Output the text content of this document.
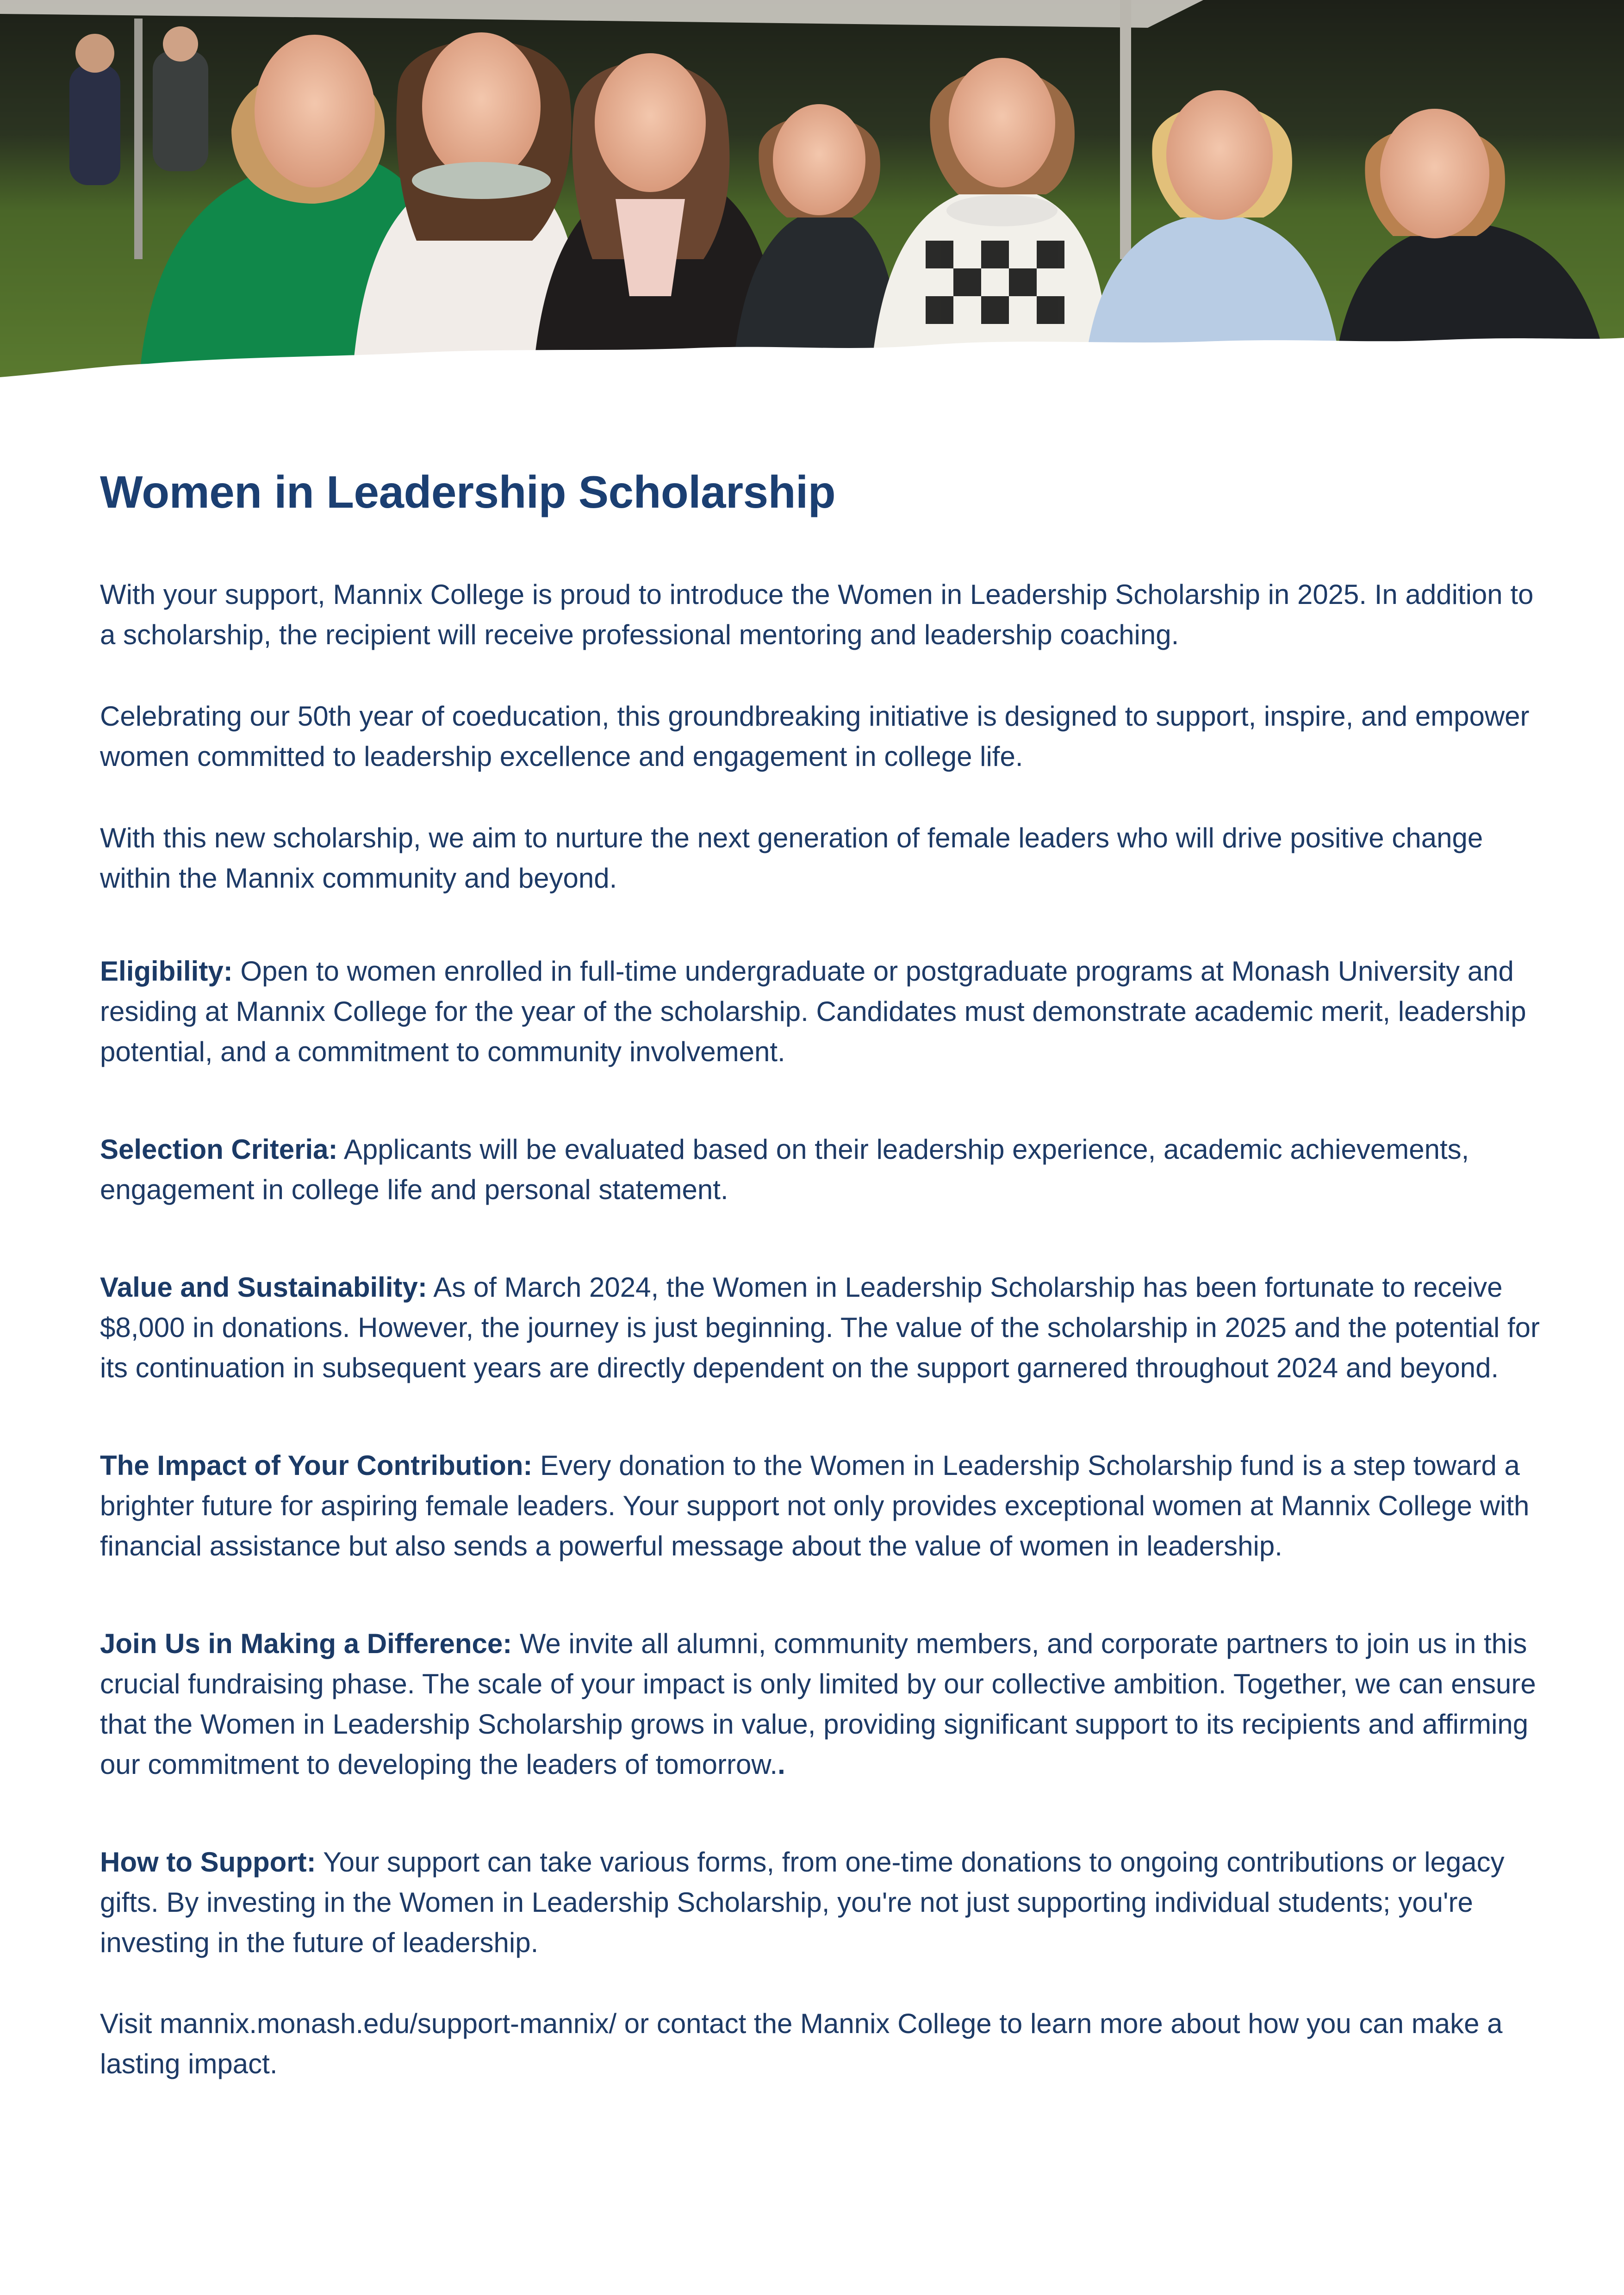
Women in Leadership Scholarship

With your support, Mannix College is proud to introduce the Women in Leadership Scholarship in 2025. In addition to a scholarship, the recipient will receive professional mentoring and leadership coaching.

Celebrating our 50th year of coeducation, this groundbreaking initiative is designed to support, inspire, and empower women committed to leadership excellence and engagement in college life.

With this new scholarship, we aim to nurture the next generation of female leaders who will drive positive change within the Mannix community and beyond.

Eligibility: Open to women enrolled in full-time undergraduate or postgraduate programs at Monash University and residing at Mannix College for the year of the scholarship. Candidates must demonstrate academic merit, leadership potential, and a commitment to community involvement.

Selection Criteria: Applicants will be evaluated based on their leadership experience, academic achievements, engagement in college life and personal statement.

Value and Sustainability: As of March 2024, the Women in Leadership Scholarship has been fortunate to receive $8,000 in donations. However, the journey is just beginning. The value of the scholarship in 2025 and the potential for its continuation in subsequent years are directly dependent on the support garnered throughout 2024 and beyond.

The Impact of Your Contribution: Every donation to the Women in Leadership Scholarship fund is a step toward a brighter future for aspiring female leaders. Your support not only provides exceptional women at Mannix College with financial assistance but also sends a powerful message about the value of women in leadership.

Join Us in Making a Difference: We invite all alumni, community members, and corporate partners to join us in this crucial fundraising phase. The scale of your impact is only limited by our collective ambition. Together, we can ensure that the Women in Leadership Scholarship grows in value, providing significant support to its recipients and affirming our commitment to developing the leaders of tomorrow..

How to Support: Your support can take various forms, from one-time donations to ongoing contributions or legacy gifts. By investing in the Women in Leadership Scholarship, you're not just supporting individual students; you're investing in the future of leadership.

Visit mannix.monash.edu/support-mannix/ or contact the Mannix College to learn more about how you can make a lasting impact.
